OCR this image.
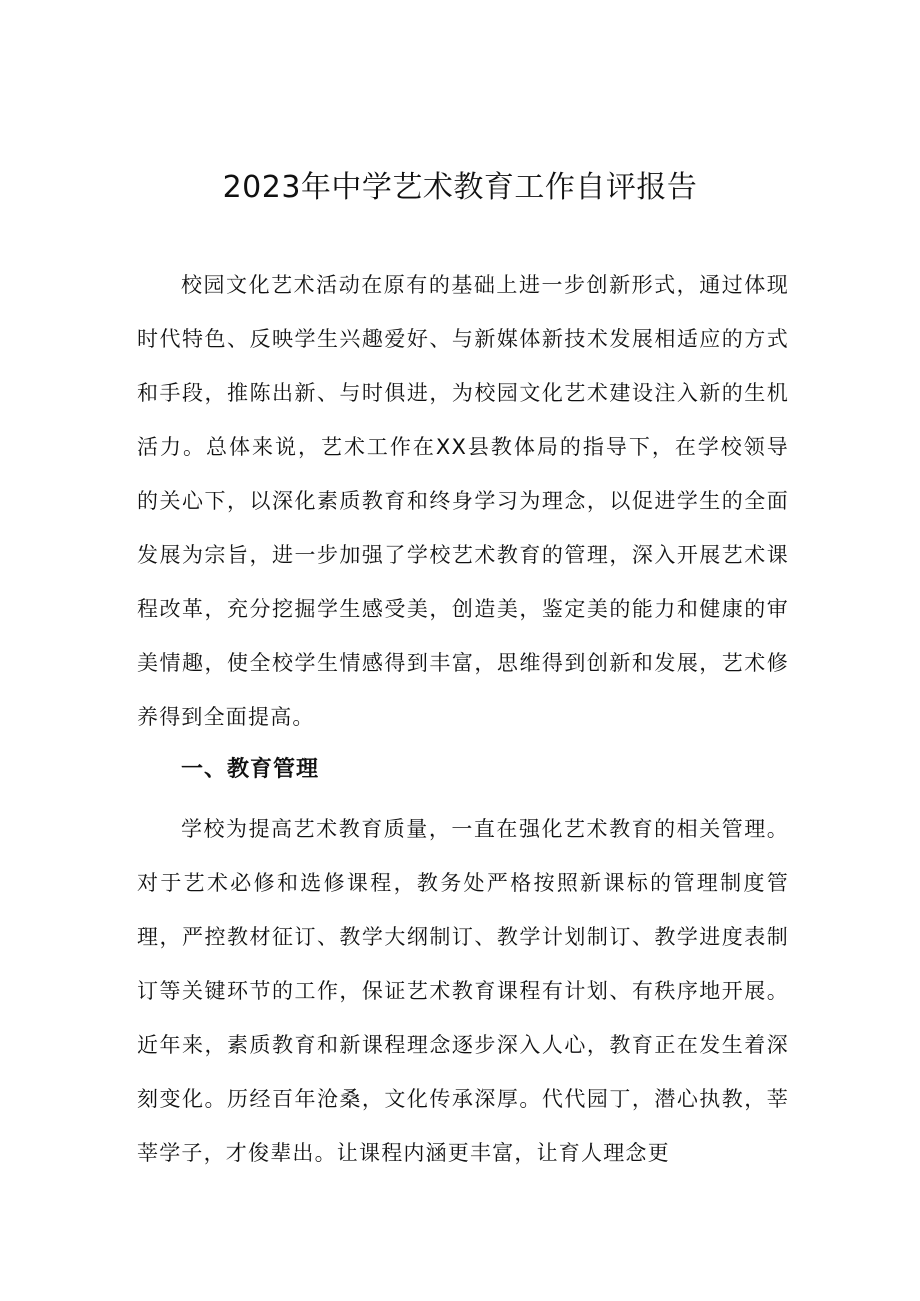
2023年中学艺术教育工作自评报告

校园文化艺术活动在原有的基础上进一步创新形式，通过体现时代特色、反映学生兴趣爱好、与新媒体新技术发展相适应的方式和手段，推陈出新、与时俱进，为校园文化艺术建设注入新的生机活力。总体来说，艺术工作在XX县教体局的指导下，在学校领导的关心下，以深化素质教育和终身学习为理念，以促进学生的全面发展为宗旨，进一步加强了学校艺术教育的管理，深入开展艺术课程改革，充分挖掘学生感受美，创造美，鉴定美的能力和健康的审美情趣，使全校学生情感得到丰富，思维得到创新和发展，艺术修养得到全面提高。

一、教育管理

学校为提高艺术教育质量，一直在强化艺术教育的相关管理。对于艺术必修和选修课程，教务处严格按照新课标的管理制度管理，严控教材征订、教学大纲制订、教学计划制订、教学进度表制订等关键环节的工作，保证艺术教育课程有计划、有秩序地开展。近年来，素质教育和新课程理念逐步深入人心，教育正在发生着深刻变化。历经百年沧桑，文化传承深厚。代代园丁，潜心执教，莘莘学子，才俊辈出。让课程内涵更丰富，让育人理念更
